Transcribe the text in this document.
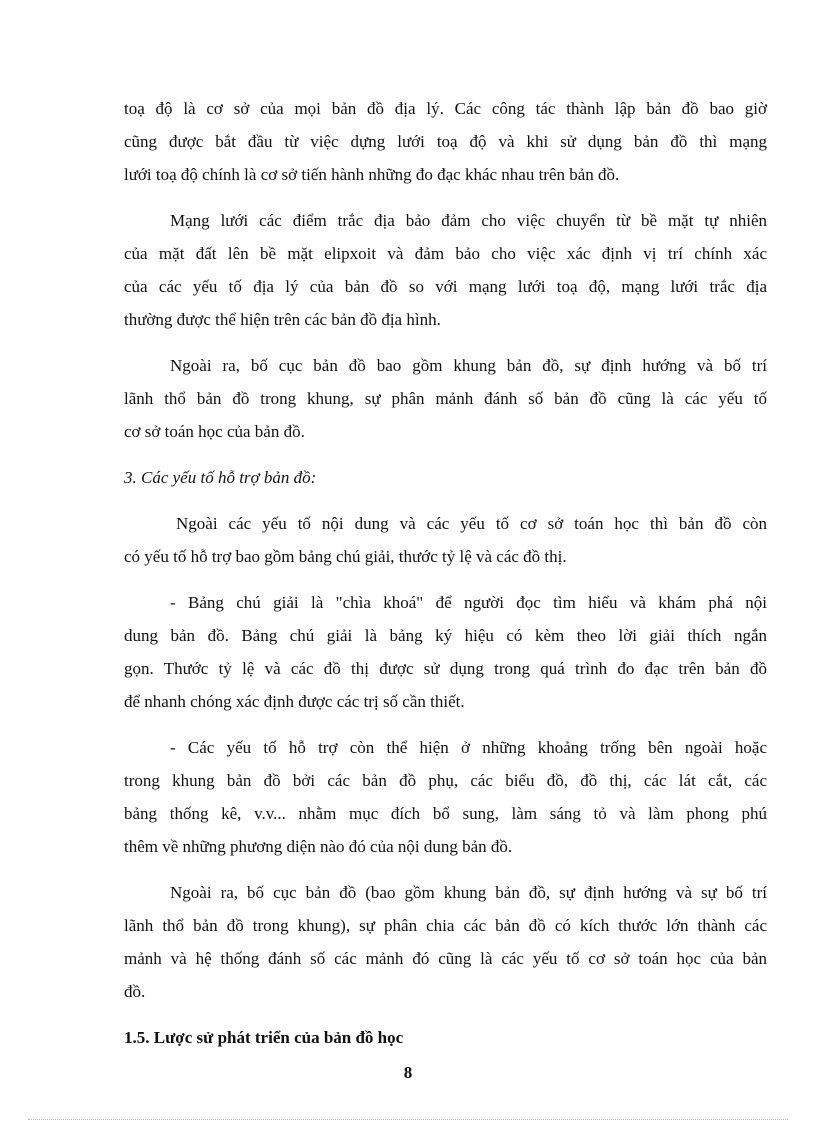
toạ độ là cơ sở của mọi bản đồ địa lý. Các công tác thành lập bản đồ bao giờ
cũng được bắt đầu từ việc dựng lưới toạ độ và khi sử dụng bản đồ thì mạng
lưới toạ độ chính là cơ sở tiến hành những đo đạc khác nhau trên bản đồ.
Mạng lưới các điểm trắc địa bảo đảm cho việc chuyển từ bề mặt tự nhiên
của mặt đất lên bề mặt elipxoit và đảm bảo cho việc xác định vị trí chính xác
của các yếu tố địa lý của bản đồ so với mạng lưới toạ độ, mạng lưới trắc địa
thường được thể hiện trên các bản đồ địa hình.
Ngoài ra, bố cục bản đồ bao gồm khung bản đồ, sự định hướng và bố trí
lãnh thổ bản đồ trong khung, sự phân mảnh đánh số bản đồ cũng là các yếu tố
cơ sở toán học của bản đồ.
3. Các yếu tố hỗ trợ bản đồ:
Ngoài các yếu tố nội dung và các yếu tố cơ sở toán học thì bản đồ còn
có yếu tố hỗ trợ bao gồm bảng chú giải, thước tỷ lệ và các đồ thị.
- Bảng chú giải là "chìa khoá" để người đọc tìm hiểu và khám phá nội
dung bản đồ. Bảng chú giải là bảng ký hiệu có kèm theo lời giải thích ngắn
gọn. Thước tỷ lệ và các đồ thị được sử dụng trong quá trình đo đạc trên bản đồ
để nhanh chóng xác định được các trị số cần thiết.
- Các yếu tố hỗ trợ còn thể hiện ở những khoảng trống bên ngoài hoặc
trong khung bản đồ bởi các bản đồ phụ, các biểu đồ, đồ thị, các lát cắt, các
bảng thống kê, v.v... nhằm mục đích bổ sung, làm sáng tỏ và làm phong phú
thêm về những phương diện nào đó của nội dung bản đồ.
Ngoài ra, bố cục bản đồ (bao gồm khung bản đồ, sự định hướng và sự bố trí
lãnh thổ bản đồ trong khung), sự phân chia các bản đồ có kích thước lớn thành các
mảnh và hệ thống đánh số các mảnh đó cũng là các yếu tố cơ sở toán học của bản
đồ.
1.5. Lược sử phát triển của bản đồ học
8
